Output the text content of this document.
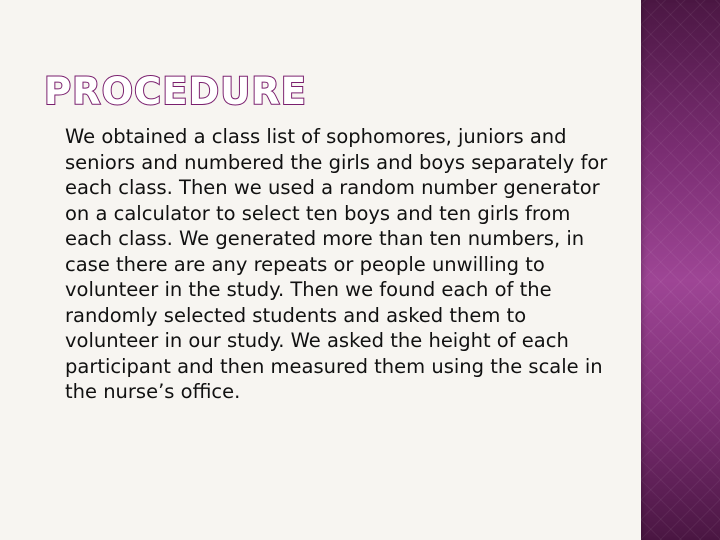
PROCEDURE

We obtained a class list of sophomores, juniors and seniors and numbered the girls and boys separately for each class. Then we used a random number generator on a calculator to select ten boys and ten girls from each class. We generated more than ten numbers, in case there are any repeats or people unwilling to volunteer in the study. Then we found each of the randomly selected students and asked them to volunteer in our study. We asked the height of each participant and then measured them using the scale in the nurse’s office.
